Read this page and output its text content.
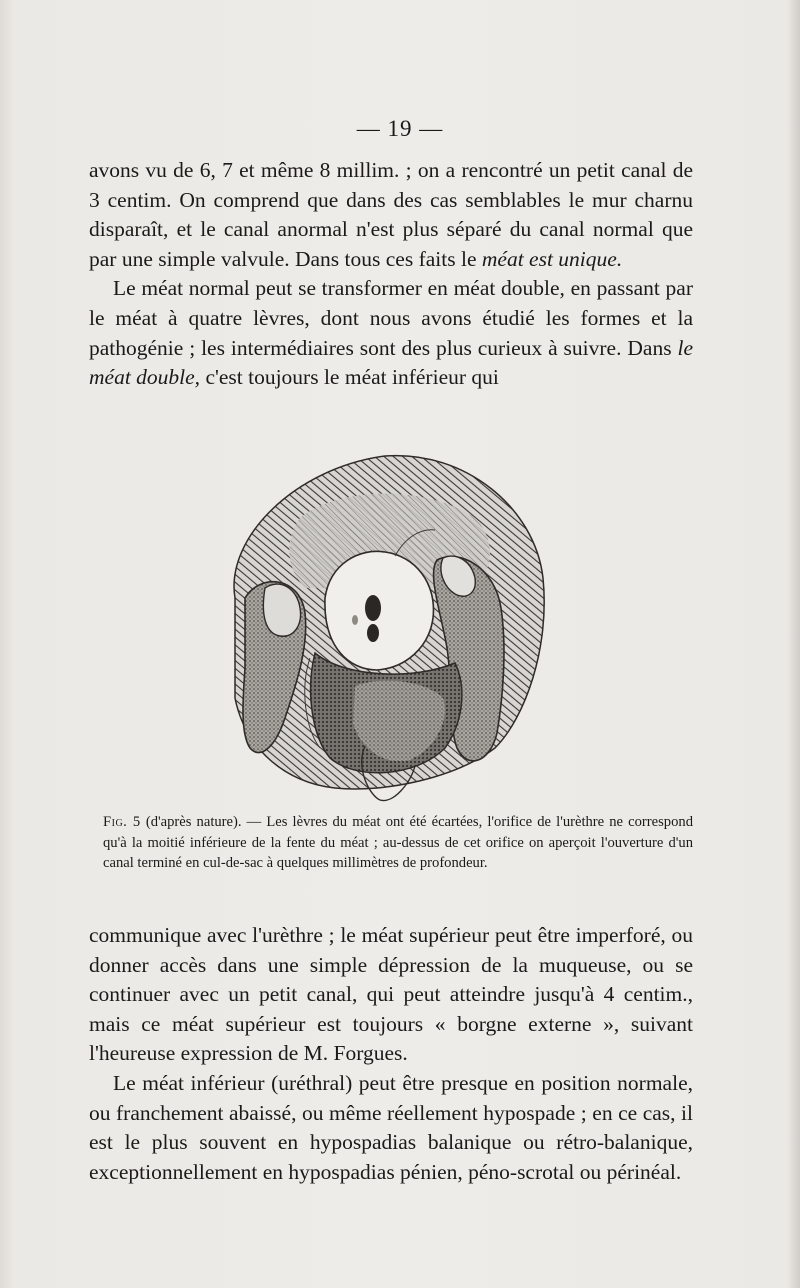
— 19 —

avons vu de 6, 7 et même 8 millim. ; on a rencontré un petit canal de 3 centim. On comprend que dans des cas semblables le mur charnu disparaît, et le canal anormal n'est plus séparé du canal normal que par une simple valvule. Dans tous ces faits le méat est unique.

Le méat normal peut se transformer en méat double, en passant par le méat à quatre lèvres, dont nous avons étudié les formes et la pathogénie ; les intermédiaires sont des plus curieux à suivre. Dans le méat double, c'est toujours le méat inférieur qui

Fig. 5 (d'après nature). — Les lèvres du méat ont été écartées, l'orifice de l'urèthre ne correspond qu'à la moitié inférieure de la fente du méat ; au-dessus de cet orifice on aperçoit l'ouverture d'un canal terminé en cul-de-sac à quelques millimètres de profondeur.

communique avec l'urèthre ; le méat supérieur peut être imperforé, ou donner accès dans une simple dépression de la muqueuse, ou se continuer avec un petit canal, qui peut atteindre jusqu'à 4 centim., mais ce méat supérieur est toujours « borgne externe », suivant l'heureuse expression de M. Forgues.

Le méat inférieur (uréthral) peut être presque en position normale, ou franchement abaissé, ou même réellement hypospade ; en ce cas, il est le plus souvent en hypospadias balanique ou rétro-balanique, exceptionnellement en hypospadias pénien, péno-scrotal ou périnéal.
